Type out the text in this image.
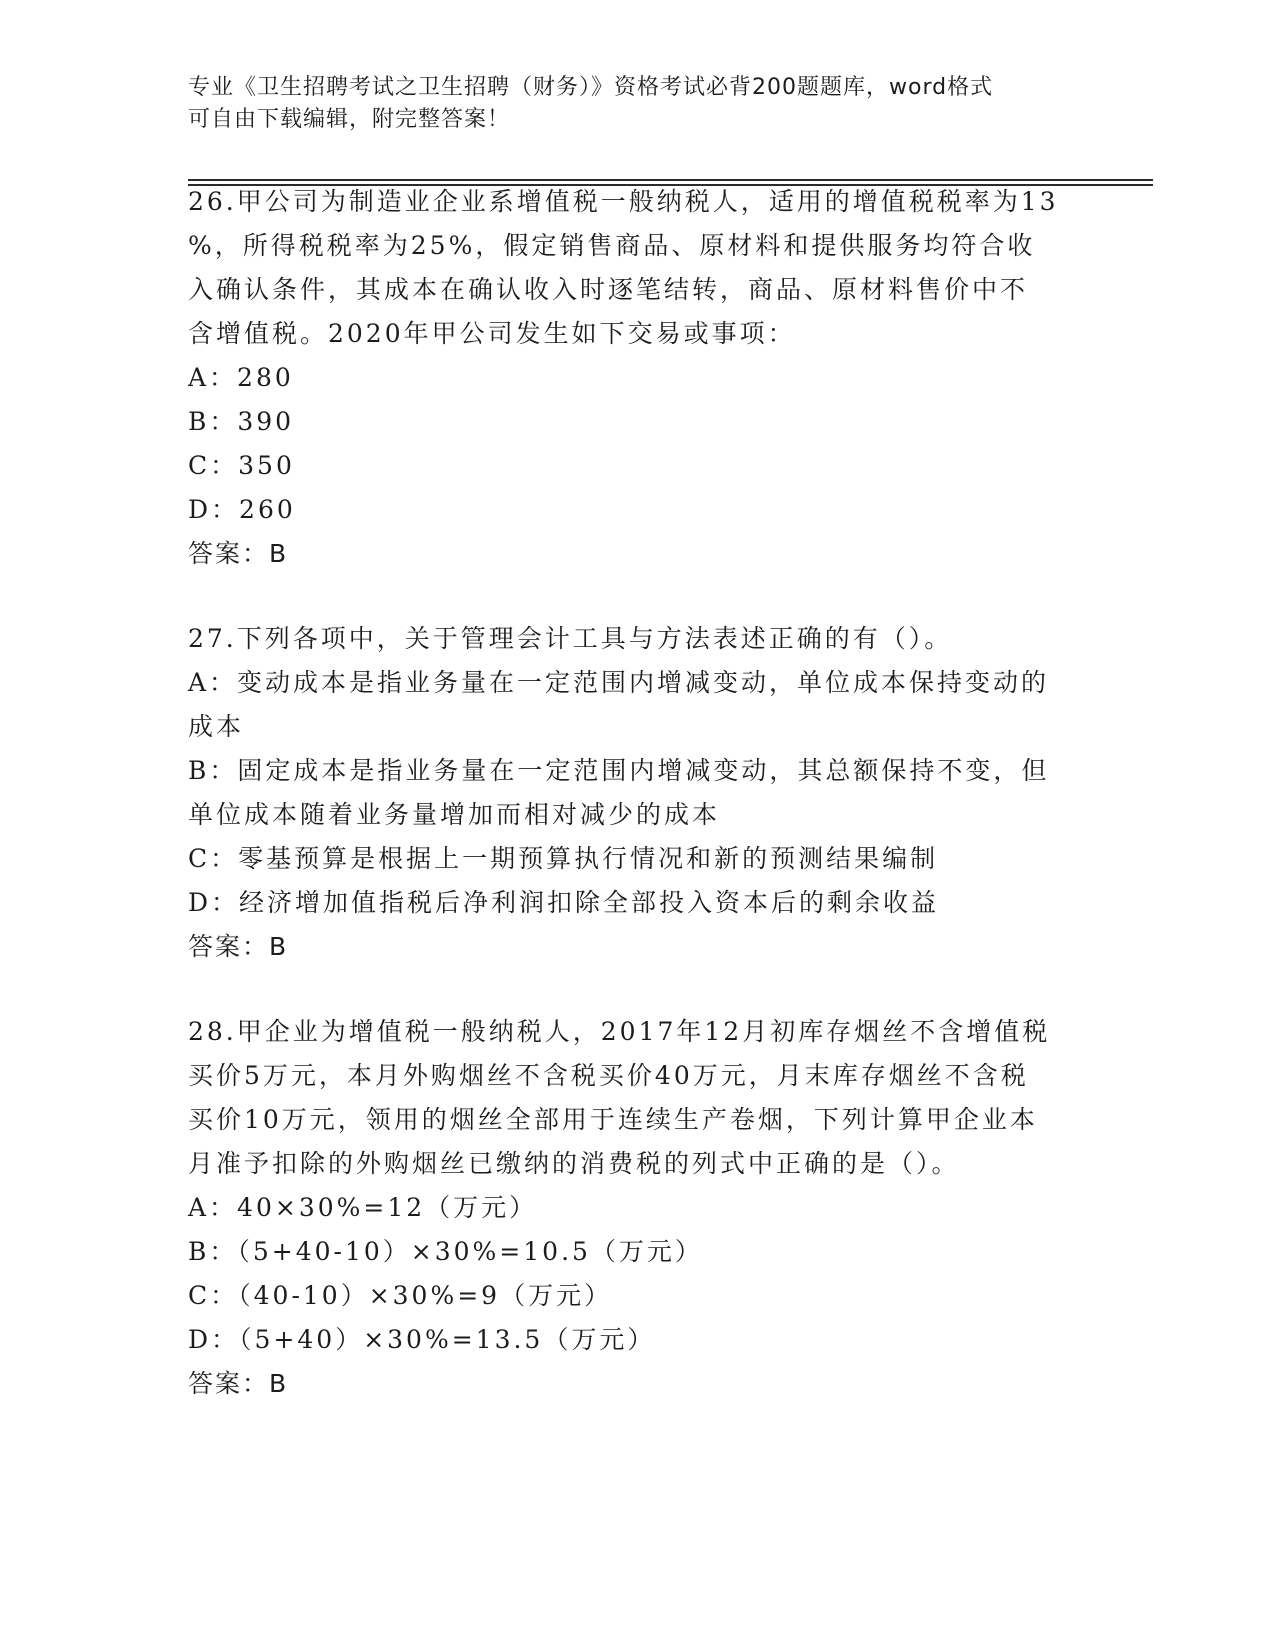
专业《卫生招聘考试之卫生招聘（财务）》资格考试必背200题题库，word格式
可自由下载编辑，附完整答案！
26.甲公司为制造业企业系增值税一般纳税人，适用的增值税税率为13
%，所得税税率为25%，假定销售商品、原材料和提供服务均符合收
入确认条件，其成本在确认收入时逐笔结转，商品、原材料售价中不
含增值税。2020年甲公司发生如下交易或事项：
A：280
B：390
C：350
D：260
答案：B
27.下列各项中，关于管理会计工具与方法表述正确的有（）。
A：变动成本是指业务量在一定范围内增减变动，单位成本保持变动的
成本
B：固定成本是指业务量在一定范围内增减变动，其总额保持不变，但
单位成本随着业务量增加而相对减少的成本
C：零基预算是根据上一期预算执行情况和新的预测结果编制
D：经济增加值指税后净利润扣除全部投入资本后的剩余收益
答案：B
28.甲企业为增值税一般纳税人，2017年12月初库存烟丝不含增值税
买价5万元，本月外购烟丝不含税买价40万元，月末库存烟丝不含税
买价10万元，领用的烟丝全部用于连续生产卷烟，下列计算甲企业本
月准予扣除的外购烟丝已缴纳的消费税的列式中正确的是（）。
A：40×30%=12（万元）
B：（5+40-10）×30%=10.5（万元）
C：（40-10）×30%=9（万元）
D：（5+40）×30%=13.5（万元）
答案：B
